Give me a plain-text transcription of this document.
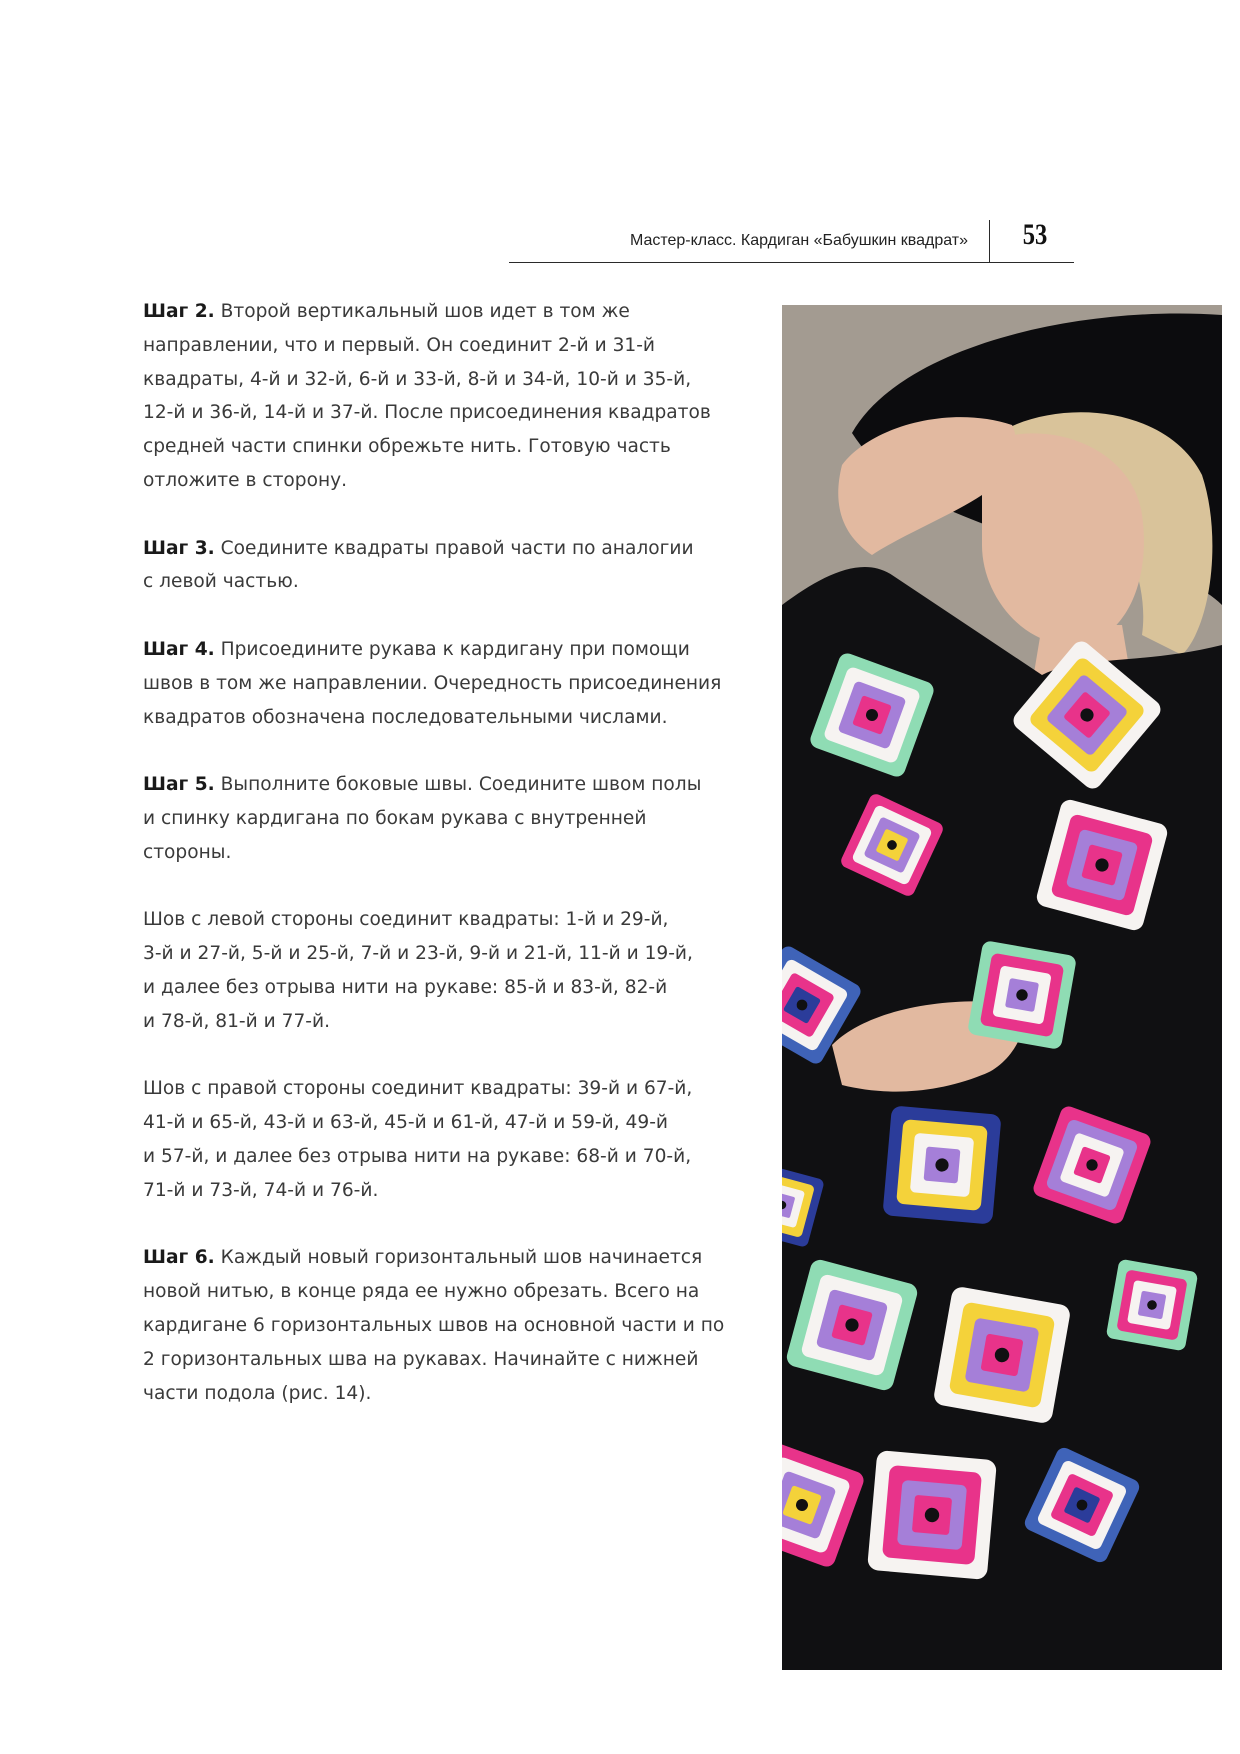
Мастер-класс. Кардиган «Бабушкин квадрат»	53

Шаг 2. Второй вертикальный шов идет в том же
направлении, что и первый. Он соединит 2-й и 31-й
квадраты, 4-й и 32-й, 6-й и 33-й, 8-й и 34-й, 10-й и 35-й,
12-й и 36-й, 14-й и 37-й. После присоединения квадратов
средней части спинки обрежьте нить. Готовую часть
отложите в сторону.

Шаг 3. Соедините квадраты правой части по аналогии
с левой частью.

Шаг 4. Присоедините рукава к кардигану при помощи
швов в том же направлении. Очередность присоединения
квадратов обозначена последовательными числами.

Шаг 5. Выполните боковые швы. Соедините швом полы
и спинку кардигана по бокам рукава с внутренней
стороны.

Шов с левой стороны соединит квадраты: 1-й и 29-й,
3-й и 27-й, 5-й и 25-й, 7-й и 23-й, 9-й и 21-й, 11-й и 19-й,
и далее без отрыва нити на рукаве: 85-й и 83-й, 82-й
и 78-й, 81-й и 77-й.

Шов с правой стороны соединит квадраты: 39-й и 67-й,
41-й и 65-й, 43-й и 63-й, 45-й и 61-й, 47-й и 59-й, 49-й
и 57-й, и далее без отрыва нити на рукаве: 68-й и 70-й,
71-й и 73-й, 74-й и 76-й.

Шаг 6. Каждый новый горизонтальный шов начинается
новой нитью, в конце ряда ее нужно обрезать. Всего на
кардигане 6 горизонтальных швов на основной части и по
2 горизонтальных шва на рукавах. Начинайте с нижней
части подола (рис. 14).
